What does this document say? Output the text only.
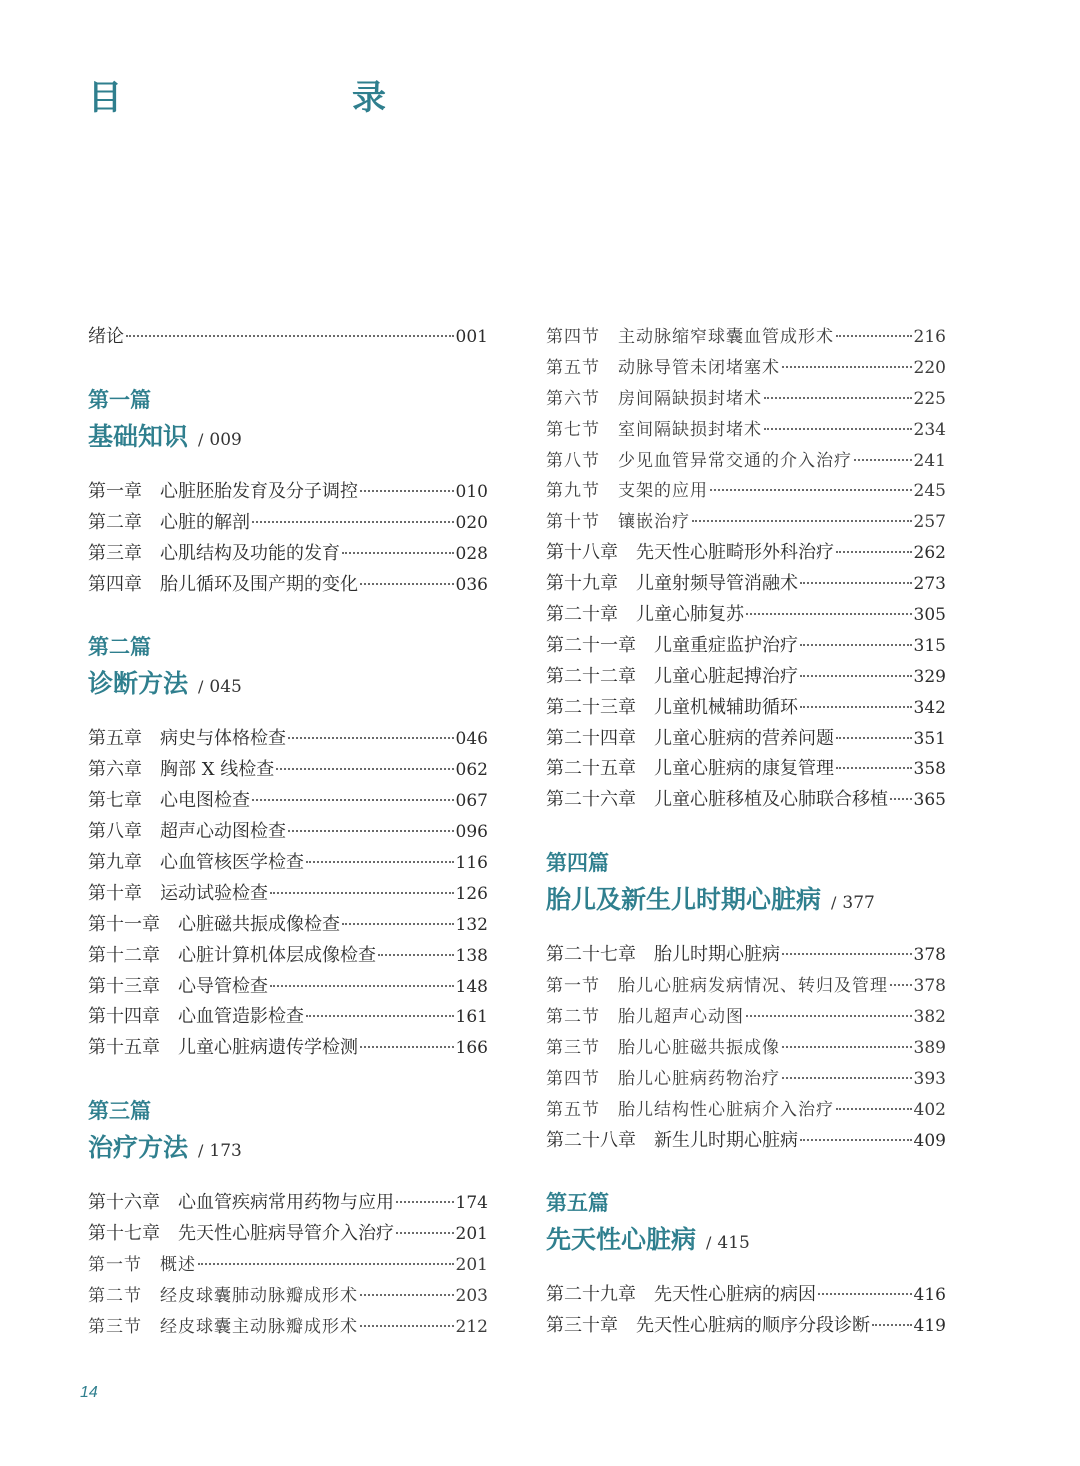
目　　录
绪论	001
第一篇
基础知识 / 009
第一章 心脏胚胎发育及分子调控	010
第二章 心脏的解剖	020
第三章 心肌结构及功能的发育	028
第四章 胎儿循环及围产期的变化	036
第二篇
诊断方法 / 045
第五章 病史与体格检查	046
第六章 胸部 X 线检查	062
第七章 心电图检查	067
第八章 超声心动图检查	096
第九章 心血管核医学检查	116
第十章 运动试验检查	126
第十一章 心脏磁共振成像检查	132
第十二章 心脏计算机体层成像检查	138
第十三章 心导管检查	148
第十四章 心血管造影检查	161
第十五章 儿童心脏病遗传学检测	166
第三篇
治疗方法 / 173
第十六章 心血管疾病常用药物与应用	174
第十七章 先天性心脏病导管介入治疗	201
第一节 概述	201
第二节 经皮球囊肺动脉瓣成形术	203
第三节 经皮球囊主动脉瓣成形术	212
第四节 主动脉缩窄球囊血管成形术	216
第五节 动脉导管未闭堵塞术	220
第六节 房间隔缺损封堵术	225
第七节 室间隔缺损封堵术	234
第八节 少见血管异常交通的介入治疗	241
第九节 支架的应用	245
第十节 镶嵌治疗	257
第十八章 先天性心脏畸形外科治疗	262
第十九章 儿童射频导管消融术	273
第二十章 儿童心肺复苏	305
第二十一章 儿童重症监护治疗	315
第二十二章 儿童心脏起搏治疗	329
第二十三章 儿童机械辅助循环	342
第二十四章 儿童心脏病的营养问题	351
第二十五章 儿童心脏病的康复管理	358
第二十六章 儿童心脏移植及心肺联合移植 365
第四篇
胎儿及新生儿时期心脏病 / 377
第二十七章 胎儿时期心脏病	378
第一节 胎儿心脏病发病情况、转归及管理 378
第二节 胎儿超声心动图	382
第三节 胎儿心脏磁共振成像	389
第四节 胎儿心脏病药物治疗	393
第五节 胎儿结构性心脏病介入治疗	402
第二十八章 新生儿时期心脏病	409
第五篇
先天性心脏病 / 415
第二十九章 先天性心脏病的病因	416
第三十章 先天性心脏病的顺序分段诊断	419
14
